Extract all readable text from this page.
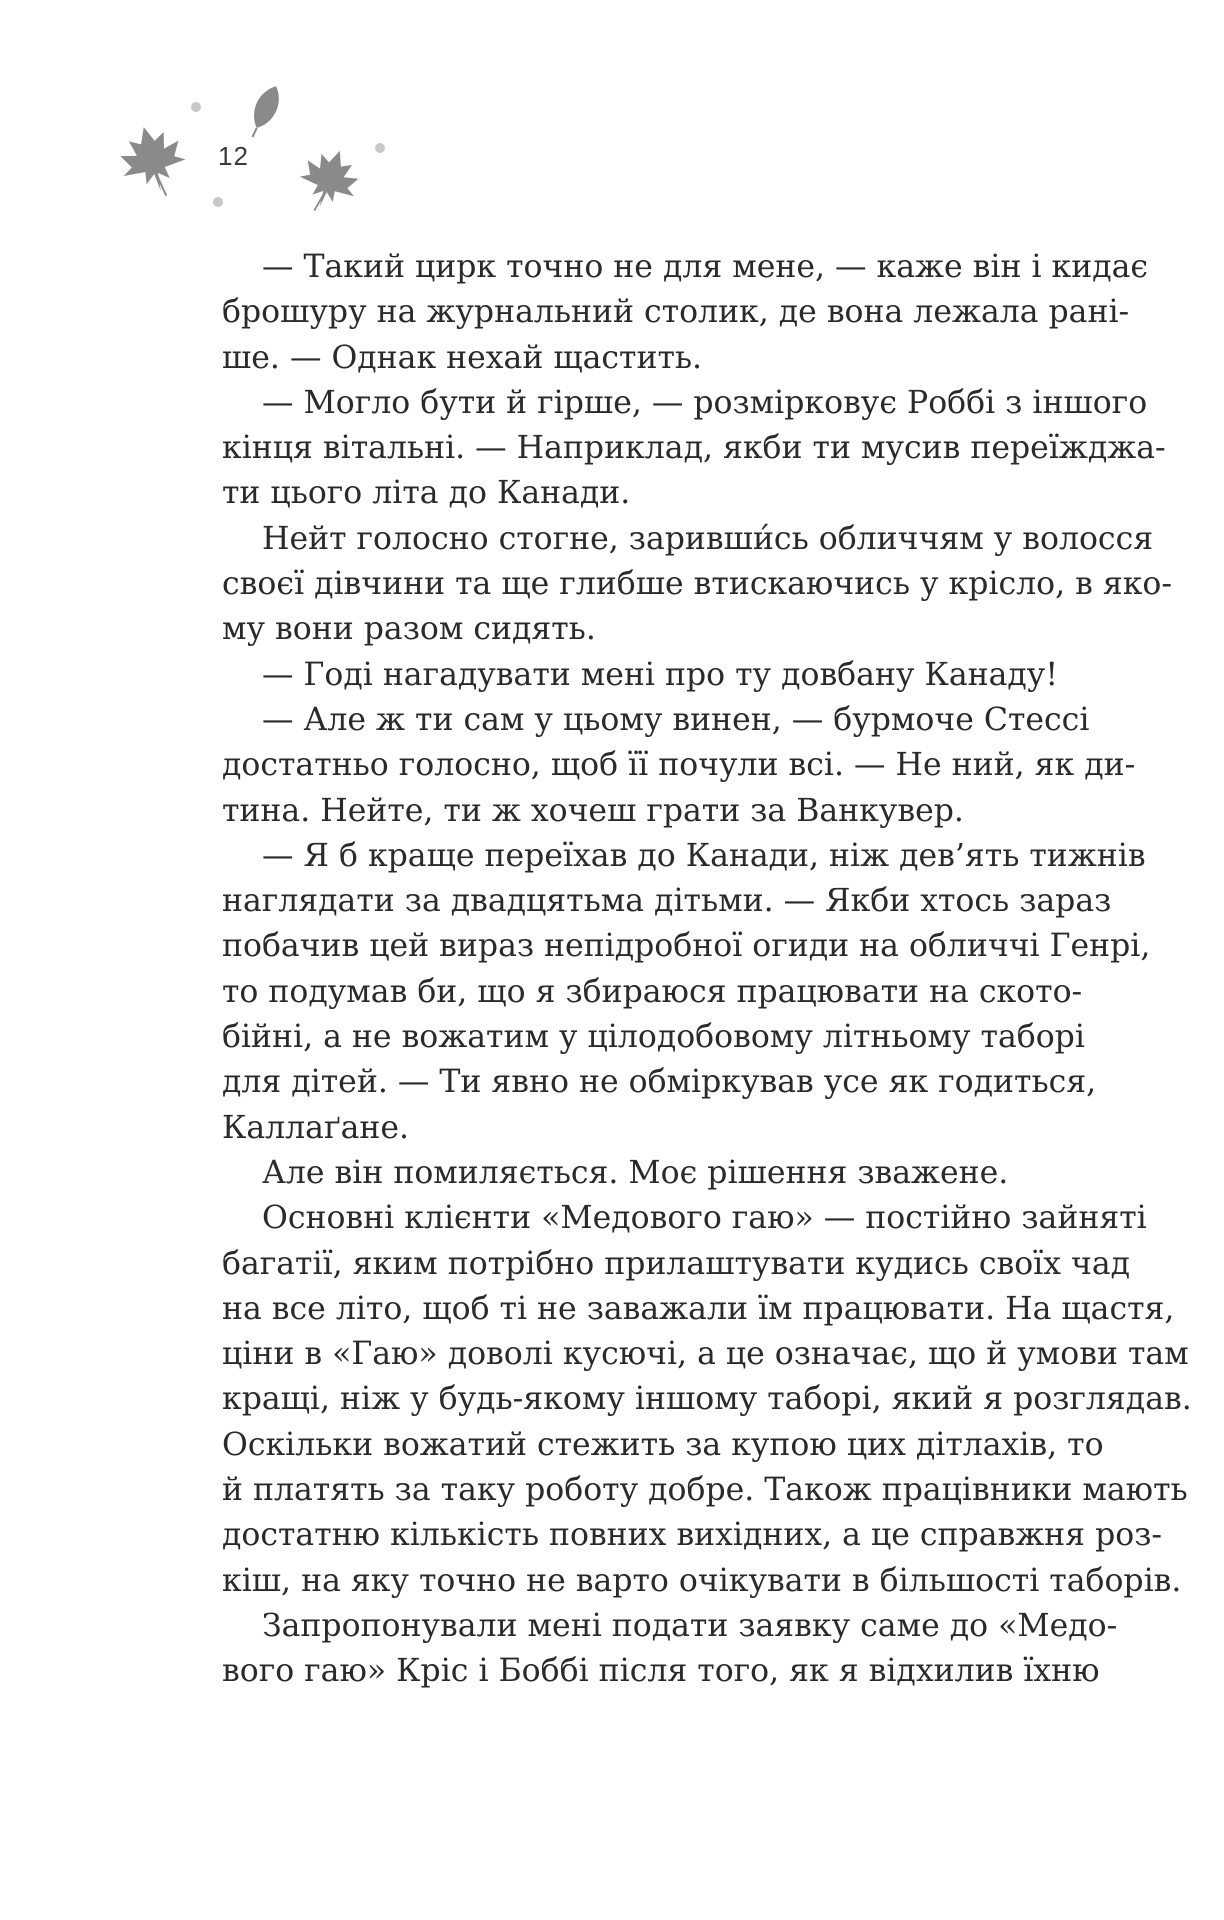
12
— Такий цирк точно не для мене, — каже він і кидає
брошуру на журнальний столик, де вона лежала рані-
ше. — Однак нехай щастить.
— Могло бути й гірше, — розмірковує Роббі з іншого
кінця вітальні. — Наприклад, якби ти мусив переїжджа-
ти цього літа до Канади.
Нейт голосно стогне, заривши́сь обличчям у волосся
своєї дівчини та ще глибше втискаючись у крісло, в яко-
му вони разом сидять.
— Годі нагадувати мені про ту довбану Канаду!
— Але ж ти сам у цьому винен, — бурмоче Стессі
достатньо голосно, щоб її почули всі. — Не ний, як ди-
тина. Нейте, ти ж хочеш грати за Ванкувер.
— Я б краще переїхав до Канади, ніж дев’ять тижнів
наглядати за двадцятьма дітьми. — Якби хтось зараз
побачив цей вираз непідробної огиди на обличчі Генрі,
то подумав би, що я збираюся працювати на ското-
бійні, а не вожатим у цілодобовому літньому таборі
для дітей. — Ти явно не обміркував усе як годиться,
Каллаґане.
Але він помиляється. Моє рішення зважене.
Основні клієнти «Медового гаю» — постійно зайняті
багатії, яким потрібно прилаштувати кудись своїх чад
на все літо, щоб ті не заважали їм працювати. На щастя,
ціни в «Гаю» доволі кусючі, а це означає, що й умови там
кращі, ніж у будь-якому іншому таборі, який я розглядав.
Оскільки вожатий стежить за купою цих дітлахів, то
й платять за таку роботу добре. Також працівники мають
достатню кількість повних вихідних, а це справжня роз-
кіш, на яку точно не варто очікувати в більшості таборів.
Запропонували мені подати заявку саме до «Медо-
вого гаю» Кріс і Боббі після того, як я відхилив їхню
